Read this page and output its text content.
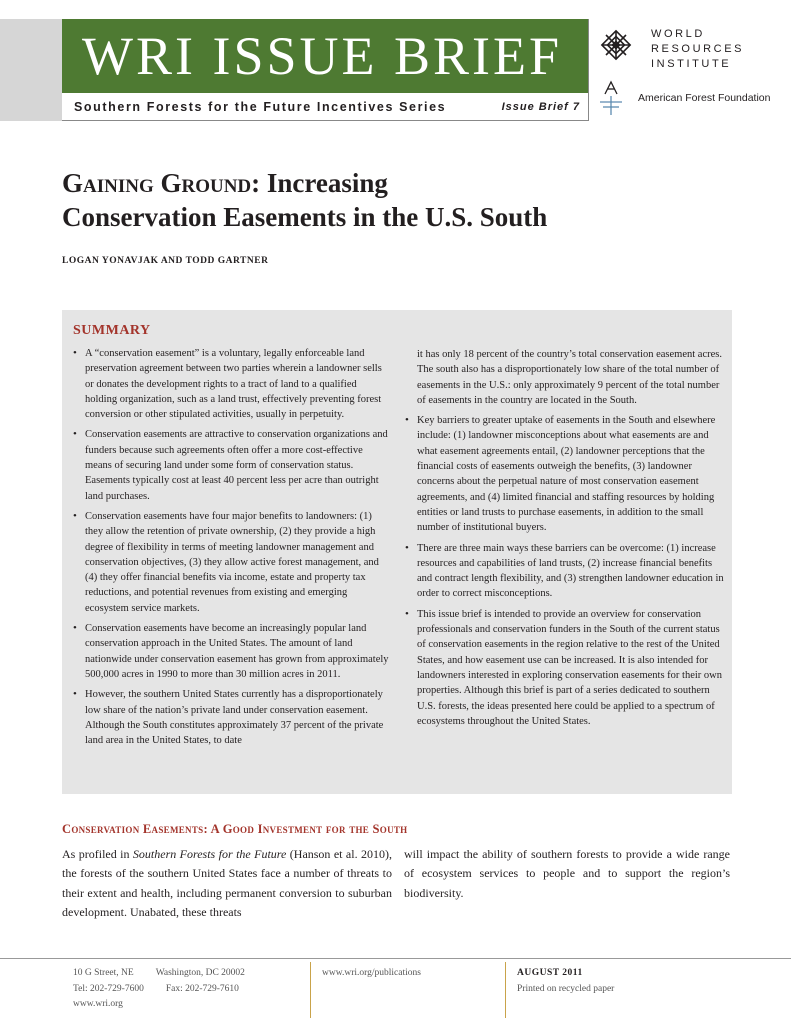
WRI ISSUE BRIEF
Southern Forests for the Future Incentives Series	Issue Brief 7
WORLD
RESOURCES
INSTITUTE
American Forest Foundation
Gaining Ground: Increasing
Conservation Easements in the U.S. South
LOGAN YONAVJAK AND TODD GARTNER
SUMMARY
• A “conservation easement” is a voluntary, legally enforceable land preservation agreement between two parties wherein a landowner sells or donates the development rights to a tract of land to a qualified holding organization, such as a land trust, effectively preventing forest conversion or other stipulated activities, usually in perpetuity.
• Conservation easements are attractive to conservation organizations and funders because such agreements often offer a more cost-effective means of securing land under some form of conservation status. Easements typically cost at least 40 percent less per acre than outright land purchases.
• Conservation easements have four major benefits to landowners: (1) they allow the retention of private ownership, (2) they provide a high degree of flexibility in terms of meeting landowner management and conservation objectives, (3) they allow active forest management, and (4) they offer financial benefits via income, estate and property tax reductions, and potential revenues from existing and emerging ecosystem service markets.
• Conservation easements have become an increasingly popular land conservation approach in the United States. The amount of land nationwide under conservation easement has grown from approximately 500,000 acres in 1990 to more than 30 million acres in 2011.
• However, the southern United States currently has a disproportionately low share of the nation’s private land under conservation easement. Although the South constitutes approximately 37 percent of the private land area in the United States, to date
it has only 18 percent of the country’s total conservation easement acres. The south also has a disproportionately low share of the total number of easements in the U.S.: only approximately 9 percent of the total number of easements in the country are located in the South.
• Key barriers to greater uptake of easements in the South and elsewhere include: (1) landowner misconceptions about what easements are and what easement agreements entail, (2) landowner perceptions that the financial costs of easements outweigh the benefits, (3) landowner concerns about the perpetual nature of most conservation easement agreements, and (4) limited financial and staffing resources by holding entities or land trusts to purchase easements, in addition to the small number of institutional buyers.
• There are three main ways these barriers can be overcome: (1) increase resources and capabilities of land trusts, (2) increase financial benefits and contract length flexibility, and (3) strengthen landowner education in order to correct misconceptions.
• This issue brief is intended to provide an overview for conservation professionals and conservation funders in the South of the current status of conservation easements in the region relative to the rest of the United States, and how easement use can be increased. It is also intended for landowners interested in exploring conservation easements for their own properties. Although this brief is part of a series dedicated to southern U.S. forests, the ideas presented here could be applied to a spectrum of ecosystems throughout the United States.
Conservation Easements: A Good Investment for the South
As profiled in Southern Forests for the Future (Hanson et al. 2010), the forests of the southern United States face a number of threats to their extent and health, including permanent conversion to suburban development. Unabated, these threats
will impact the ability of southern forests to provide a wide range of ecosystem services to people and to support the region’s biodiversity.
10 G Street, NE Washington, DC 20002
Tel: 202-729-7600 Fax: 202-729-7610
www.wri.org
www.wri.org/publications	AUGUST 2011
Printed on recycled paper
